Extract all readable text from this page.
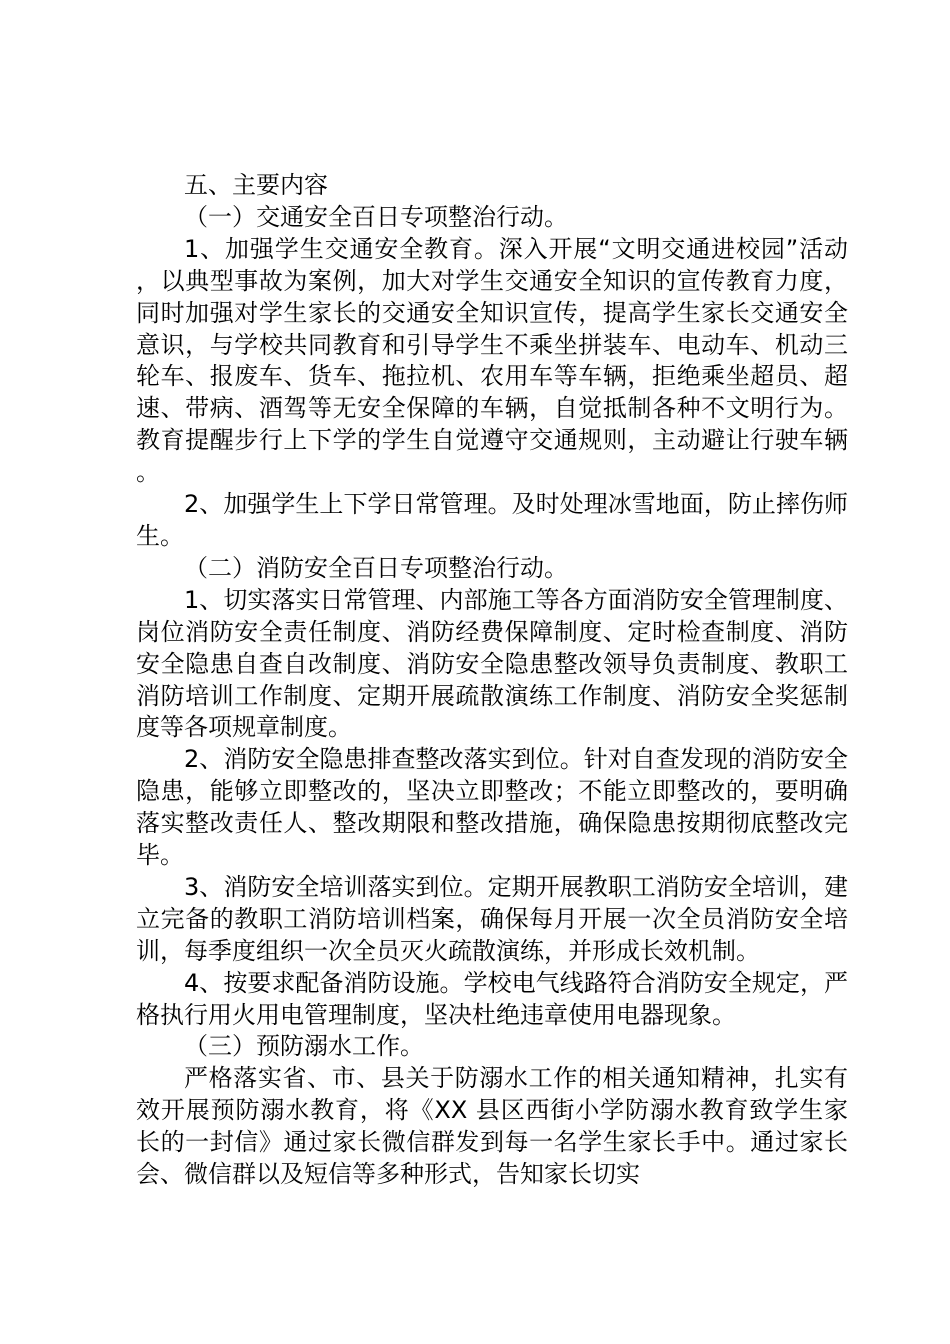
五、主要内容

（一）交通安全百日专项整治行动。

1、加强学生交通安全教育。深入开展“文明交通进校园”活动，以典型事故为案例，加大对学生交通安全知识的宣传教育力度，同时加强对学生家长的交通安全知识宣传，提高学生家长交通安全意识，与学校共同教育和引导学生不乘坐拼装车、电动车、机动三轮车、报废车、货车、拖拉机、农用车等车辆，拒绝乘坐超员、超速、带病、酒驾等无安全保障的车辆，自觉抵制各种不文明行为。教育提醒步行上下学的学生自觉遵守交通规则，主动避让行驶车辆。

2、加强学生上下学日常管理。及时处理冰雪地面，防止摔伤师生。

（二）消防安全百日专项整治行动。

1、切实落实日常管理、内部施工等各方面消防安全管理制度、岗位消防安全责任制度、消防经费保障制度、定时检查制度、消防安全隐患自查自改制度、消防安全隐患整改领导负责制度、教职工消防培训工作制度、定期开展疏散演练工作制度、消防安全奖惩制度等各项规章制度。

2、消防安全隐患排查整改落实到位。针对自查发现的消防安全隐患，能够立即整改的，坚决立即整改；不能立即整改的，要明确落实整改责任人、整改期限和整改措施，确保隐患按期彻底整改完毕。

3、消防安全培训落实到位。定期开展教职工消防安全培训，建立完备的教职工消防培训档案，确保每月开展一次全员消防安全培训，每季度组织一次全员灭火疏散演练，并形成长效机制。

4、按要求配备消防设施。学校电气线路符合消防安全规定，严格执行用火用电管理制度，坚决杜绝违章使用电器现象。

（三）预防溺水工作。

严格落实省、市、县关于防溺水工作的相关通知精神，扎实有效开展预防溺水教育，将《XX 县区西街小学防溺水教育致学生家长的一封信》通过家长微信群发到每一名学生家长手中。通过家长会、微信群以及短信等多种形式，告知家长切实
